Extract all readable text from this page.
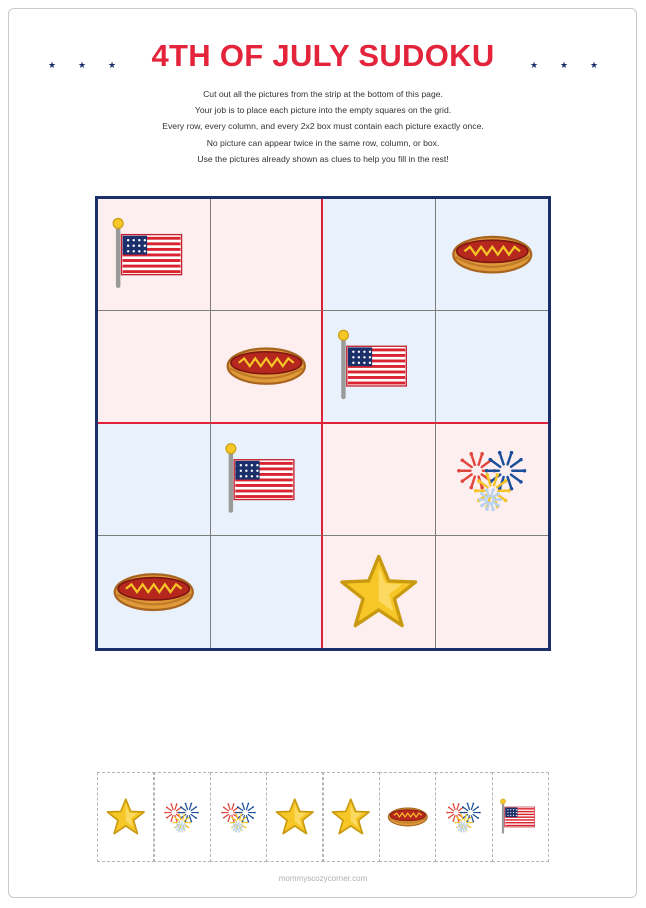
★ ★ ★	★ ★ ★
4TH OF JULY SUDOKU
Cut out all the pictures from the strip at the bottom of this page.
Your job is to place each picture into the empty squares on the grid.
Every row, every column, and every 2x2 box must contain each picture exactly once.
No picture can appear twice in the same row, column, or box.
Use the pictures already shown as clues to help you fill in the rest!
mommyscozycorner.com
